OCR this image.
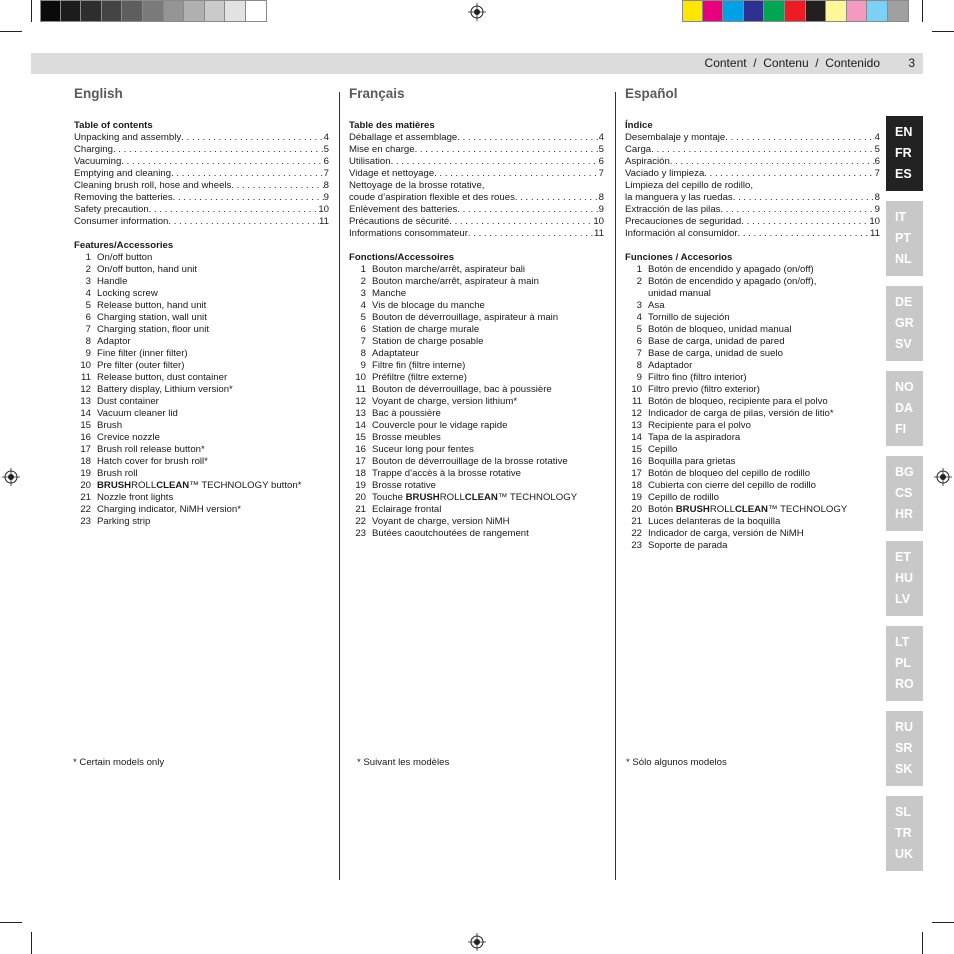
Content  /  Contenu  /  Contenido 3
English
Table of contents
Unpacking and assembly . . .	4
Charging . . .	5
Vacuuming . . .	6
Emptying and cleaning . . .	7
Cleaning brush roll, hose and wheels . . .	8
Removing the batteries . . .	9
Safety precaution . . .	10
Consumer information . . .	11
Features/Accessories
1 On/off button
2 On/off button, hand unit
3 Handle
4 Locking screw
5 Release button, hand unit
6 Charging station, wall unit
7 Charging station, floor unit
8 Adaptor
9 Fine filter (inner filter)
10 Pre filter (outer filter)
11 Release button, dust container
12 Battery display, Lithium version*
13 Dust container
14 Vacuum cleaner lid
15 Brush
16 Crevice nozzle
17 Brush roll release button*
18 Hatch cover for brush roll*
19 Brush roll
20 BRUSHROLLCLEAN™ TECHNOLOGY button*
21 Nozzle front lights
22 Charging indicator, NiMH version*
23 Parking strip
Français
Table des matières
Déballage et assemblage . . .	4
Mise en charge . . .	5
Utilisation . . .	6
Vidage et nettoyage . . .	7
Nettoyage de la brosse rotative,
coude d’aspiration flexible et des roues . . .	8
Enlèvement des batteries . . .	9
Précautions de sécurité . . .	10
Informations consommateur . . .	11
Fonctions/Accessoires
1 Bouton marche/arrêt, aspirateur bali
2 Bouton marche/arrêt, aspirateur à main
3 Manche
4 Vis de blocage du manche
5 Bouton de déverrouillage, aspirateur à main
6 Station de charge murale
7 Station de charge posable
8 Adaptateur
9 Filtre fin (filtre interne)
10 Préfiltre (filtre externe)
11 Bouton de déverrouillage, bac à poussière
12 Voyant de charge, version lithium*
13 Bac à poussière
14 Couvercle pour le vidage rapide
15 Brosse meubles
16 Suceur long pour fentes
17 Bouton de déverrouillage de la brosse rotative
18 Trappe d’accès à la brosse rotative
19 Brosse rotative
20 Touche BRUSHROLLCLEAN™ TECHNOLOGY
21 Eclairage frontal
22 Voyant de charge, version NiMH
23 Butées caoutchoutées de rangement
Español
Índice
Desembalaje y montaje . . .	4
Carga . . .	5
Aspiración . . .	6
Vaciado y limpieza . . .	7
Limpieza del cepillo de rodillo,
la manguera y las ruedas . . .	8
Extracción de las pilas . . .	9
Precauciones de seguridad . . .	10
Información al consumidor . . .	11
Funciones / Accesorios
1 Botón de encendido y apagado (on/off)
2 Botón de encendido y apagado (on/off),
unidad manual
3 Asa
4 Tornillo de sujeción
5 Botón de bloqueo, unidad manual
6 Base de carga, unidad de pared
7 Base de carga, unidad de suelo
8 Adaptador
9 Filtro fino (filtro interior)
10 Filtro previo (filtro exterior)
11 Botón de bloqueo, recipiente para el polvo
12 Indicador de carga de pilas, versión de litio*
13 Recipiente para el polvo
14 Tapa de la aspiradora
15 Cepillo
16 Boquilla para grietas
17 Botón de bloqueo del cepillo de rodillo
18 Cubierta con cierre del cepillo de rodillo
19 Cepillo de rodillo
20 Botón BRUSHROLLCLEAN™ TECHNOLOGY
21 Luces delanteras de la boquilla
22 Indicador de carga, versión de NiMH
23 Soporte de parada
* Certain models only	* Suivant les modèles	* Sólo algunos modelos
EN
FR
ES
IT
PT
NL
DE
GR
SV
NO
DA
FI
BG
CS
HR
ET
HU
LV
LT
PL
RO
RU
SR
SK
SL
TR
UK
